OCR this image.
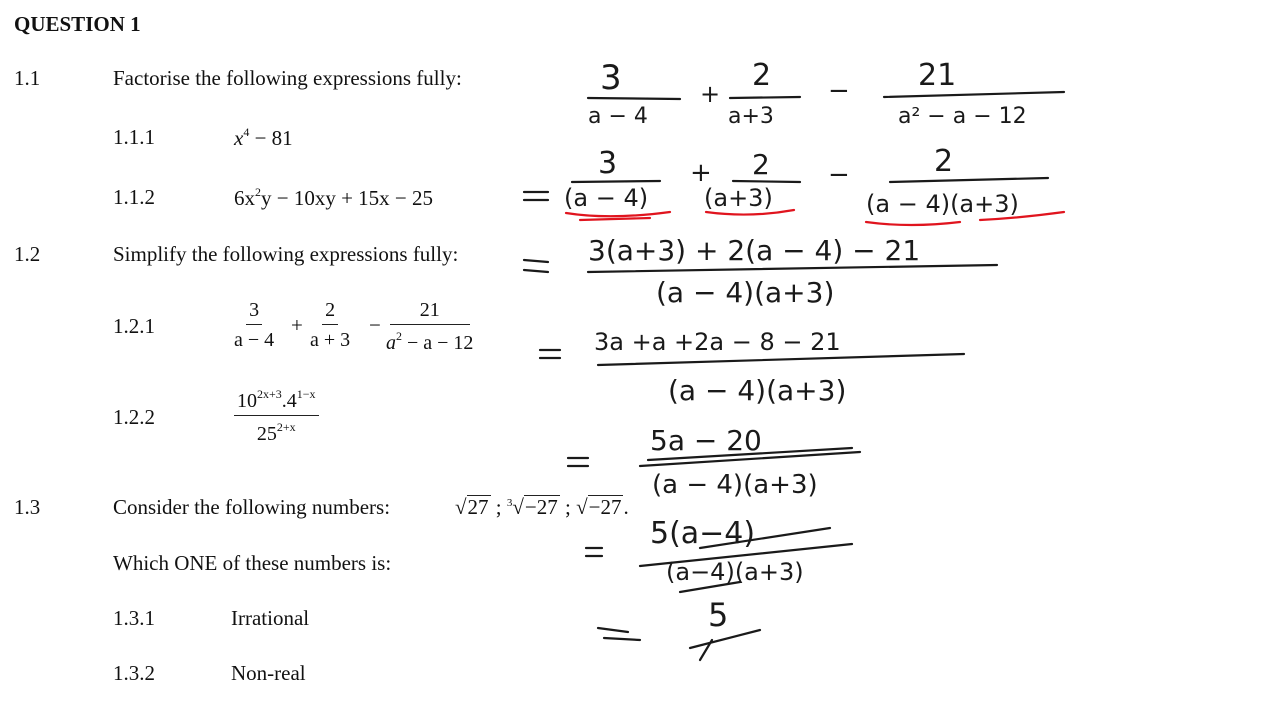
QUESTION 1
1.1	Factorise the following expressions fully:
1.1.1	$x^4 - 81$
1.1.2	$6x^2y - 10xy + 15x - 25$
1.2	Simplify the following expressions fully:
1.2.1	$\frac{3}{a - 4} + \frac{2}{a + 3} - \frac{21}{a^2 - a - 12}$
1.2.2	$\frac{10^{2x+3}.4^{1-x}}{25^{2+x}}$
1.3	Consider the following numbers:	√27 ; $^3$√−27 ; √−27.
Which ONE of these numbers is:
1.3.1	Irrational
1.3.2	Non-real
3
a − 4
+
2
a+3
− 21
a² − a − 12
3
(a − 4)
+ 2
(a+3)
−	2
(a − 4)(a+3)
3(a+3) + 2(a − 4) − 21
(a − 4)(a+3)
3a +a +2a − 8 − 21
(a − 4)(a+3)
5a − 20
(a − 4)(a+3)
5(a−4)
(a−4)(a+3)
5
